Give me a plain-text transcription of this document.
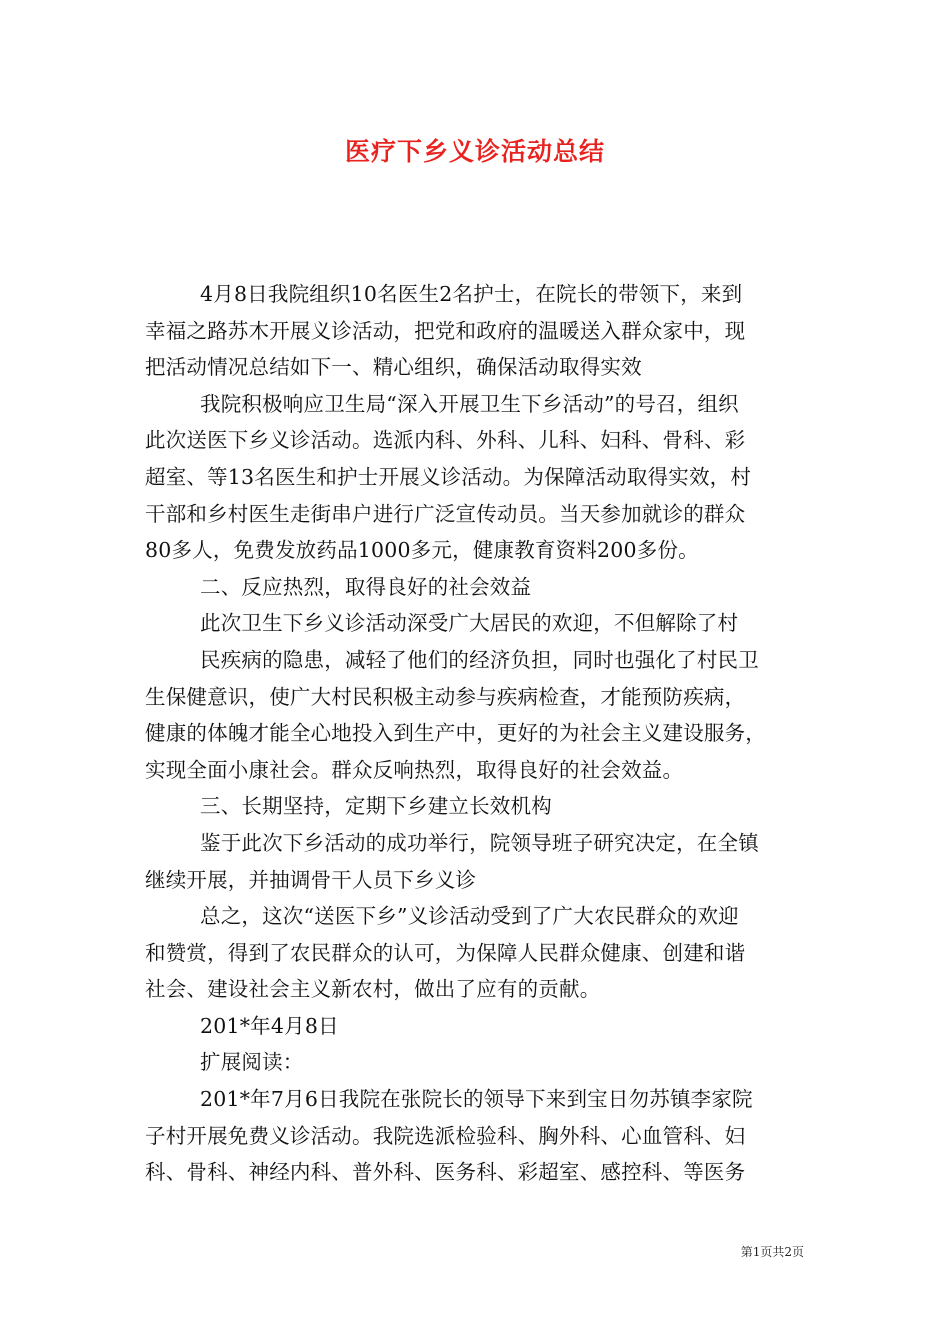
医疗下乡义诊活动总结
4月8日我院组织10名医生2名护士，在院长的带领下，来到
幸福之路苏木开展义诊活动，把党和政府的温暖送入群众家中，现
把活动情况总结如下一、精心组织，确保活动取得实效
我院积极响应卫生局“深入开展卫生下乡活动”的号召，组织
此次送医下乡义诊活动。选派内科、外科、儿科、妇科、骨科、彩
超室、等13名医生和护士开展义诊活动。为保障活动取得实效，村
干部和乡村医生走街串户进行广泛宣传动员。当天参加就诊的群众
80多人，免费发放药品1000多元，健康教育资料200多份。
二、反应热烈，取得良好的社会效益
此次卫生下乡义诊活动深受广大居民的欢迎，不但解除了村
民疾病的隐患，减轻了他们的经济负担，同时也强化了村民卫
生保健意识，使广大村民积极主动参与疾病检查，才能预防疾病，
健康的体魄才能全心地投入到生产中，更好的为社会主义建设服务，
实现全面小康社会。群众反响热烈，取得良好的社会效益。
三、长期坚持，定期下乡建立长效机构
鉴于此次下乡活动的成功举行，院领导班子研究决定，在全镇
继续开展，并抽调骨干人员下乡义诊
总之，这次“送医下乡”义诊活动受到了广大农民群众的欢迎
和赞赏，得到了农民群众的认可，为保障人民群众健康、创建和谐
社会、建设社会主义新农村，做出了应有的贡献。
201*年4月8日
扩展阅读：
201*年7月6日我院在张院长的领导下来到宝日勿苏镇李家院
子村开展免费义诊活动。我院选派检验科、胸外科、心血管科、妇
科、骨科、神经内科、普外科、医务科、彩超室、感控科、等医务
第1页共2页
